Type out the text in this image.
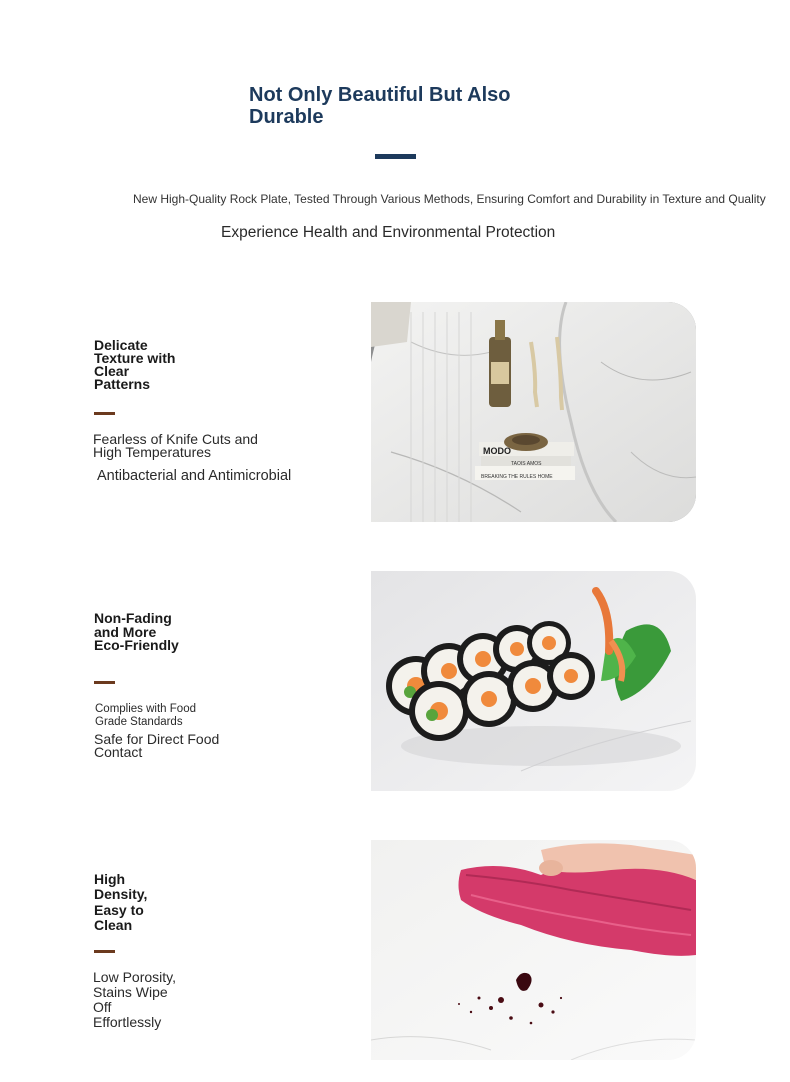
Not Only Beautiful But Also
Durable
New High-Quality Rock Plate, Tested Through Various Methods, Ensuring Comfort and Durability in Texture and Quality
Experience Health and Environmental Protection
Delicate
Texture with
Clear
Patterns
Fearless of Knife Cuts and
High Temperatures
Antibacterial and Antimicrobial
MODO
TAOIS AMOS
BREAKING THE RULES HOME
Non-Fading
and More
Eco-Friendly
Complies with Food
Grade Standards
Safe for Direct Food
Contact
High
Density,
Easy to
Clean
Low Porosity,
Stains Wipe
Off
Effortlessly
